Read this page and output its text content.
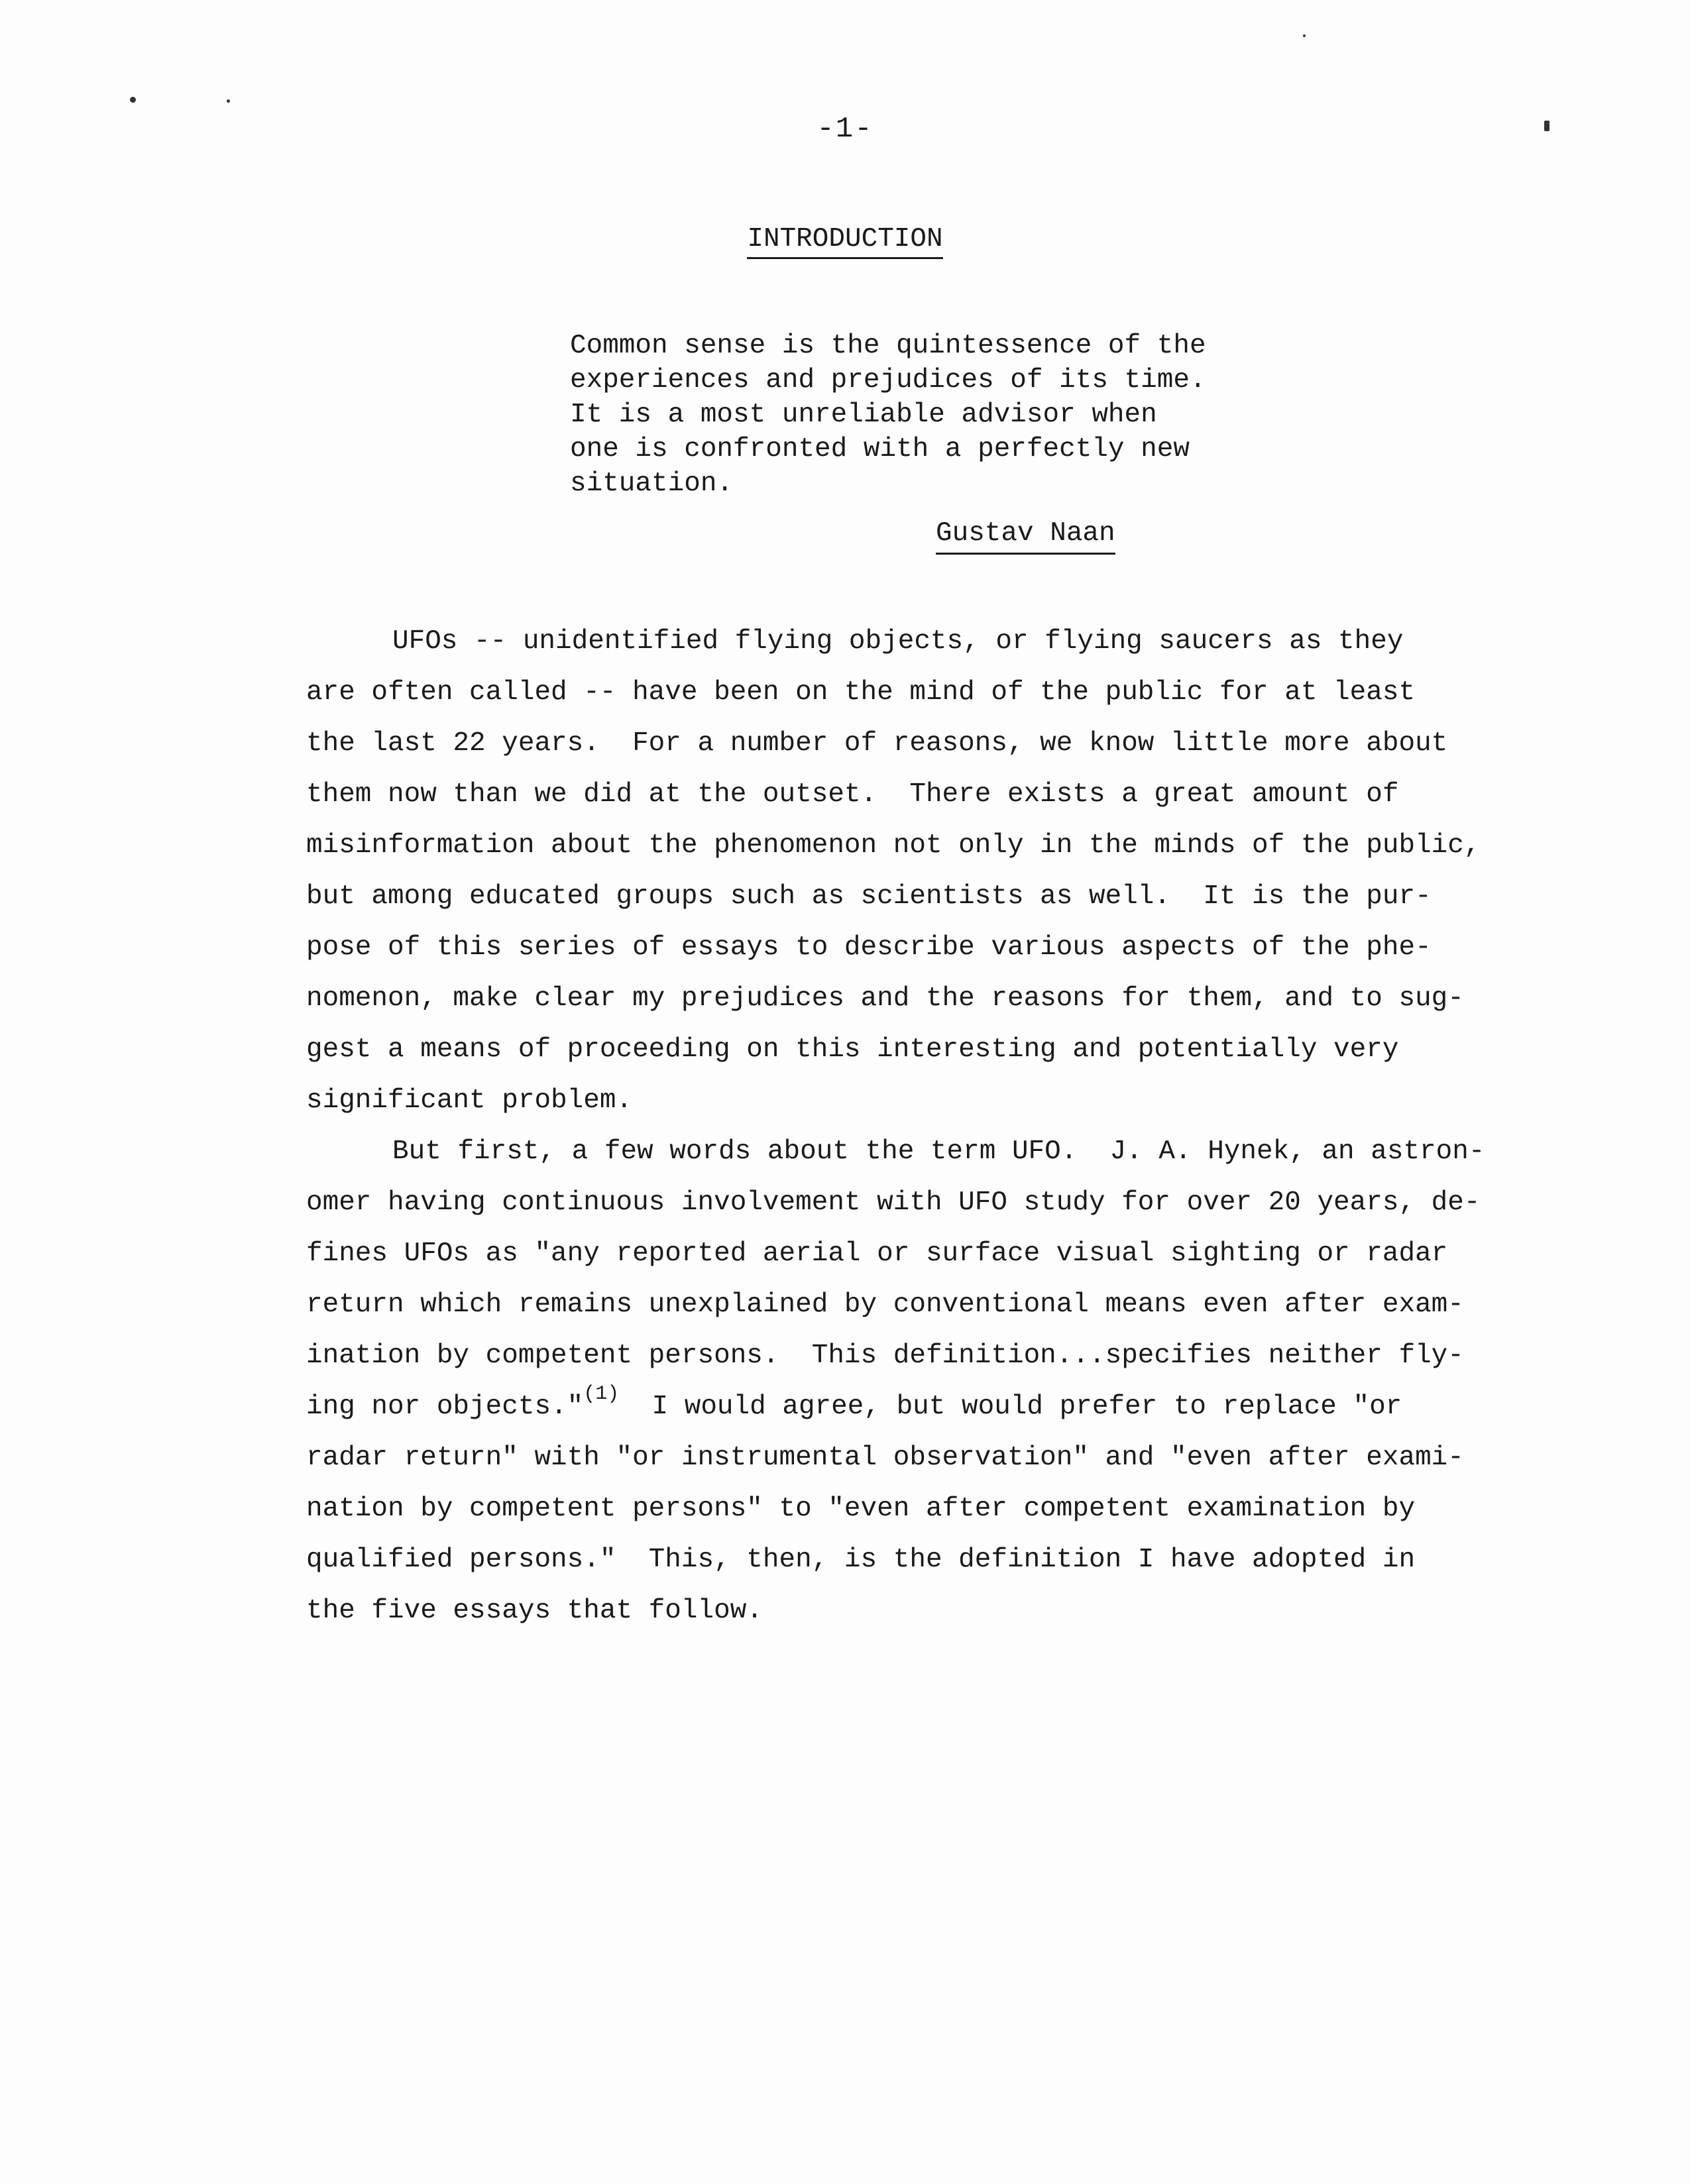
-1-
INTRODUCTION
Common sense is the quintessence of the
experiences and prejudices of its time.
It is a most unreliable advisor when
one is confronted with a perfectly new
situation.
Gustav Naan
UFOs -- unidentified flying objects, or flying saucers as they
are often called -- have been on the mind of the public for at least
the last 22 years.  For a number of reasons, we know little more about
them now than we did at the outset.  There exists a great amount of
misinformation about the phenomenon not only in the minds of the public,
but among educated groups such as scientists as well.  It is the pur-
pose of this series of essays to describe various aspects of the phe-
nomenon, make clear my prejudices and the reasons for them, and to sug-
gest a means of proceeding on this interesting and potentially very
significant problem.
But first, a few words about the term UFO.  J. A. Hynek, an astron-
omer having continuous involvement with UFO study for over 20 years, de-
fines UFOs as "any reported aerial or surface visual sighting or radar
return which remains unexplained by conventional means even after exam-
ination by competent persons.  This definition...specifies neither fly-
ing nor objects."$^{(1)}$  I would agree, but would prefer to replace "or
radar return" with "or instrumental observation" and "even after exami-
nation by competent persons" to "even after competent examination by
qualified persons."  This, then, is the definition I have adopted in
the five essays that follow.
